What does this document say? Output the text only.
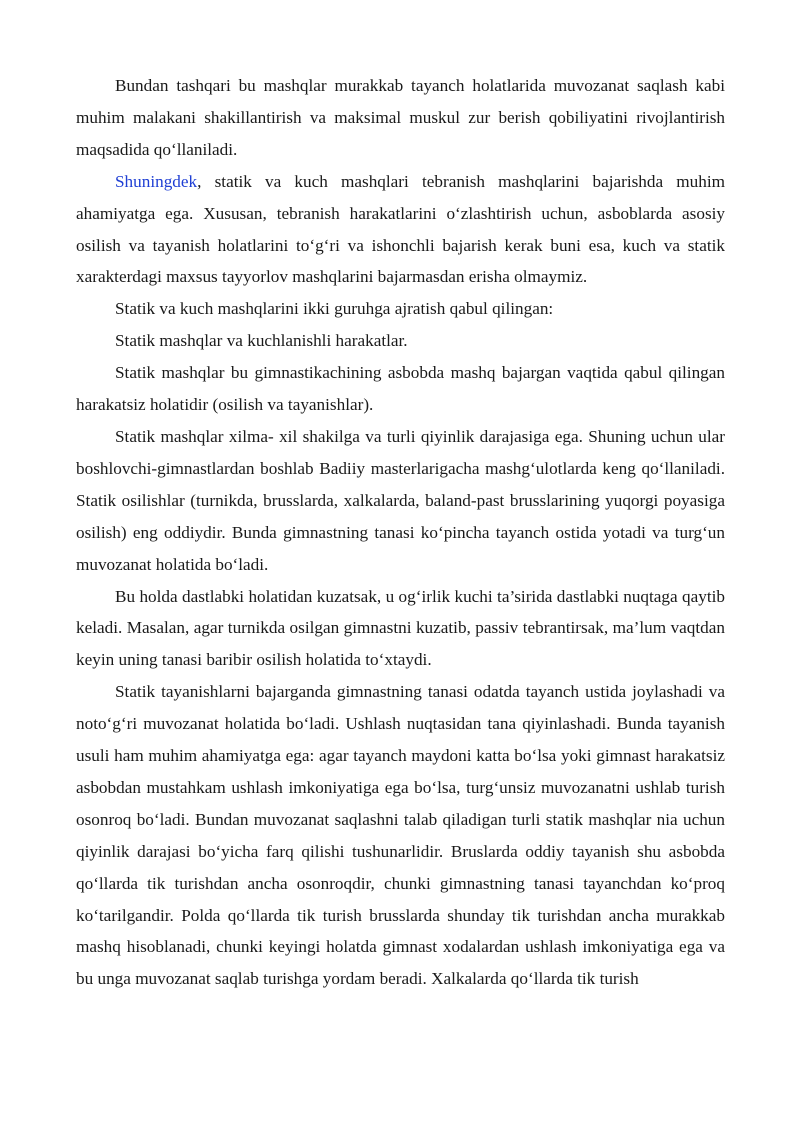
Bundan tashqari bu mashqlar murakkab tayanch holatlarida muvozanat saqlash kabi muhim malakani shakillantirish va maksimal muskul zur berish qobiliyatini rivojlantirish maqsadida qo‘llaniladi.

Shuningdek, statik va kuch mashqlari tebranish mashqlarini bajarishda muhim ahamiyatga ega. Xususan, tebranish harakatlarini o‘zlashtirish uchun, asboblarda asosiy osilish va tayanish holatlarini to‘g‘ri va ishonchli bajarish kerak buni esa, kuch va statik xarakterdagi maxsus tayyorlov mashqlarini bajarmasdan erisha olmaymiz.

Statik va kuch mashqlarini ikki guruhga ajratish qabul qilingan:

Statik mashqlar va kuchlanishli harakatlar.

Statik mashqlar bu gimnastikachining asbobda mashq bajargan vaqtida qabul qilingan harakatsiz holatidir (osilish va tayanishlar).

Statik mashqlar xilma- xil shakilga va turli qiyinlik darajasiga ega. Shuning uchun ular boshlovchi-gimnastlardan boshlab Badiiy masterlarigacha mashg‘ulotlarda keng qo‘llaniladi. Statik osilishlar (turnikda, brusslarda, xalkalarda, baland-past brusslarining yuqorgi poyasiga osilish) eng oddiydir. Bunda gimnastning tanasi ko‘pincha tayanch ostida yotadi va turg‘un muvozanat holatida bo‘ladi.

Bu holda dastlabki holatidan kuzatsak, u og‘irlik kuchi ta’sirida dastlabki nuqtaga qaytib keladi. Masalan, agar turnikda osilgan gimnastni kuzatib, passiv tebrantirsak, ma’lum vaqtdan keyin uning tanasi baribir osilish holatida to‘xtaydi.

Statik tayanishlarni bajarganda gimnastning tanasi odatda tayanch ustida joylashadi va noto‘g‘ri muvozanat holatida bo‘ladi. Ushlash nuqtasidan tana qiyinlashadi. Bunda tayanish usuli ham muhim ahamiyatga ega: agar tayanch maydoni katta bo‘lsa yoki gimnast harakatsiz asbobdan mustahkam ushlash imkoniyatiga ega bo‘lsa, turg‘unsiz muvozanatni ushlab turish osonroq bo‘ladi. Bundan muvozanat saqlashni talab qiladigan turli statik mashqlar nia uchun qiyinlik darajasi bo‘yicha farq qilishi tushunarlidir. Bruslarda oddiy tayanish shu asbobda qo‘llarda tik turishdan ancha osonroqdir, chunki gimnastning tanasi tayanchdan ko‘proq ko‘tarilgandir. Polda qo‘llarda tik turish brusslarda shunday tik turishdan ancha murakkab mashq hisoblanadi, chunki keyingi holatda gimnast xodalardan ushlash imkoniyatiga ega va bu unga muvozanat saqlab turishga yordam beradi. Xalkalarda qo‘llarda tik turish
